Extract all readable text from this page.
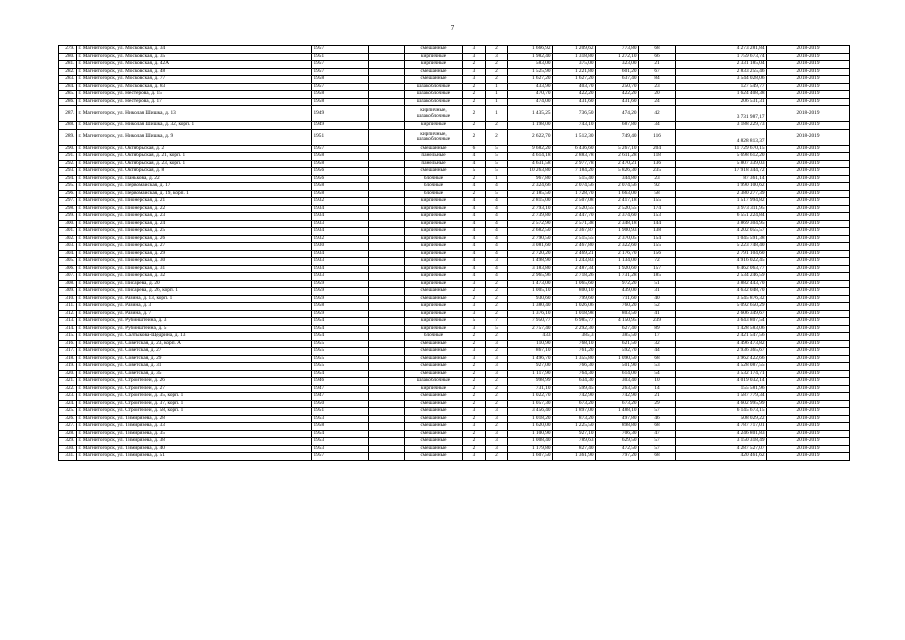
7
279.	г. Магнитогорск, ул. Московская, д. 34	1957		смешанные	3	2	1 666,92	1 209,62	773,80	68	4 273 281,84	2018-2019
280.	г. Магнитогорск, ул. Московская, д. 35	1951		кирпичные	3	3	1 982,40	1 318,80	1 272,10	66	1 759 673,74	2018-2019
281.	г. Магнитогорск, ул. Московская, д. 42А	1957		кирпичные	2	2	583,00	375,00	323,00	21	2 331 185,04	2018-2019
282.	г. Магнитогорск, ул. Московская, д. 48	1957		смешанные	3	2	1 525,90	1 221,80	601,20	67	2 833 255,46	2018-2019
283.	г. Магнитогорск, ул. Московская, д. 77	1958		смешанные	3	2	1 627,20	1 627,20	637,40	84	3 544 028,06	2018-2019
284.	г. Магнитогорск, ул. Московская, д. 83	1957		шлакоблочные	2	1	433,90	403,70	250,70	23	127 549,77	2018-2019
285.	г. Магнитогорск, ул. Нестерова, д. 15	1958		шлакоблочные	2	1	470,70	422,20	422,20	20	1 624 408,38	2018-2019
286.	г. Магнитогорск, ул. Нестерова, д. 17	1958		шлакоблочные	2	1	474,00	431,60	431,60	24	206 531,31	2018-2019
287.	г. Магнитогорск, ул. Николая Шишка, д. 13	1949		кирпичные, шлакоблочные	2	1	1 435,25	736,50	474,20	42	3 731 987,17	2018-2019
288.	г. Магнитогорск, ул. Николая Шишка, д. 32, корп. 1	1949		кирпичные	2	2	1 198,00	743,10	687,80	34	3 188 229,73	2018-2019
289.	г. Магнитогорск, ул. Николая Шишка, д. 9	1951		кирпичные, шлакоблочные	2	2	2 622,70	1 512,30	749,40	116	4 828 813,37	2018-2019
290.	г. Магнитогорск, ул. Октябрьская, д. 2	1957		смешанные	6	5	9 682,20	6 436,60	5 267,10	204	11 729 670,15	2018-2019
291.	г. Магнитогорск, ул. Октябрьская, д. 21, корп. 1	1958		панельные	4	5	4 614,18	2 883,78	2 611,28	118	5 698 612,20	2018-2019
292.	г. Магнитогорск, ул. Октябрьская, д. 23, корп. 1	1958		панельные	4	5	4 631,58	2 977,78	2 470,21	136	5 807 339,03	2018-2019
293.	г. Магнитогорск, ул. Октябрьская, д. 8	1956		смешанные	5	5	10 263,80	7 184,20	5 826,30	235	17 918 344,72	2018-2019
294.	г. Магнитогорск, ул. Панькова, д. 22	1956		блочные	2	1	967,80	515,40	344,80	23	87 361,14	2018-2019
295.	г. Магнитогорск, ул. Первомайская, д. 17	1958		блочные	4	4	2 324,66	2 074,56	2 074,56	92	1 990 100,62	2018-2019
296.	г. Магнитогорск, ул. Первомайская, д. 19, корп. 1	1958		блочные	2	5	2 185,50	1 728,70	1 663,00	58	2 380 277,39	2018-2019
297.	г. Магнитогорск, ул. Пионерская, д. 21	1932		кирпичные	4	4	2 815,00	2 507,08	2 417,18	155	1 517 994,82	2018-2019
298.	г. Магнитогорск, ул. Пионерская, д. 22	1934		кирпичные	4	4	2 793,10	2 520,55	2 520,55	174	3 973 311,95	2018-2019
299.	г. Магнитогорск, ул. Пионерская, д. 23	1934		кирпичные	4	4	2 739,80	2 447,70	2 374,60	153	6 551 224,84	2018-2019
300.	г. Магнитогорск, ул. Пионерская, д. 24	1933		кирпичные	4	4	2 572,90	2 571,38	2 348,18	144	3 869 304,95	2018-2019
301.	г. Магнитогорск, ул. Пионерская, д. 25	1934		кирпичные	4	4	2 682,50	2 367,87	1 900,93	138	4 202 055,57	2018-2019
302.	г. Магнитогорск, ул. Пионерская, д. 26	1932		кирпичные	4	4	2 790,50	2 515,55	2 370,05	154	1 045 591,38	2018-2019
303.	г. Магнитогорск, ул. Пионерская, д. 27	1930		кирпичные	4	4	3 081,60	2 467,80	2 322,60	155	5 223 748,40	2018-2019
304.	г. Магнитогорск, ул. Пионерская, д. 29	1934		кирпичные	4	4	2 720,20	2 469,21	2 176,70	156	2 791 104,60	2018-2019
305.	г. Магнитогорск, ул. Пионерская, д. 30	1933		кирпичные	4	3	1 498,90	1 243,83	1 134,00	72	4 916 022,45	2018-2019
306.	г. Магнитогорск, ул. Пионерская, д. 31	1934		кирпичные	4	4	3 183,80	2 487,34	1 920,60	157	6 462 063,77	2018-2019
307.	г. Магнитогорск, ул. Пионерская, д. 32	1933		кирпичные	4	4	2 965,96	2 718,26	1 731,28	185	2 534 246,59	2018-2019
308.	г. Магнитогорск, ул. Писарева, д. 20	1959		кирпичные	3	2	1 473,00	1 065,60	972,20	51	3 882 443,70	2018-2019
309.	г. Магнитогорск, ул. Писарева, д. 26, корп. 1	1959		смешанные	2	2	1 005,10	800,10	439,00	31	4 632 048,70	2018-2019
310.	г. Магнитогорск, ул. Разина, д. 13, корп. 1	1959		смешанные	2	2	930,60	799,60	711,60	40	3 545 876,32	2018-2019
311.	г. Магнитогорск, ул. Разина, д. 3	1958		кирпичные	3	2	1 380,40	1 026,06	760,20	52	5 092 650,29	2018-2019
312.	г. Магнитогорск, ул. Разина, д. 7	1959		кирпичные	3	2	1 376,10	1 018,98	803,50	41	2 606 349,67	2018-2019
313.	г. Магнитогорск, ул. Рубинштейна, д. 3	1954		кирпичные	5	7	7 950,77	6 985,77	4 150,95	239	3 643 807,54	2018-2019
314.	г. Магнитогорск, ул. Рубинштейна, д. 5	1954		кирпичные	3	5	2 757,40	2 292,30	627,40	89	1 428 583,06	2018-2019
315.	г. Магнитогорск, ул. Салтыкова-Щедрина, д. 13	1954		блочные	2	2	433	385,3	385,50	17	2 421 547,56	2018-2019
316.	г. Магнитогорск, ул. Советская, д. 23, корп. А	1955		смешанные	2	3	110,90	768,10	621,50	32	4 496 473,82	2018-2019
317.	г. Магнитогорск, ул. Советская, д. 27	1955		смешанные	3	2	867,10	761,20	592,70	44	2 936 365,67	2018-2019
318.	г. Магнитогорск, ул. Советская, д. 29	1955		смешанные	3	3	1 496,70	1 355,80	1 090,50	68	3 962 422,66	2018-2019
319.	г. Магнитогорск, ул. Советская, д. 31	1955		смешанные	2	3	927,00	766,30	501,90	53	4 528 087,55	2018-2019
320.	г. Магнитогорск, ул. Советская, д. 35	1954		смешанные	2	3	1 117,90	764,30	614,00	54	3 532 174,71	2018-2019
321.	г. Магнитогорск, ул. Строителей, д. 26	1946		шлакоблочные	2	2	998,99	634,30	303,40	10	4 019 032,14	2018-2019
322.	г. Магнитогорск, ул. Строителей, д. 27	1947		кирпичные	2	2	731,10	599,45	263,50	14	155 581,96	2018-2019
323.	г. Магнитогорск, ул. Строителей, д. 35, корп. 1	1947		смешанные	2	2	1 022,70	742,90	742,90	21	1 587 779,34	2018-2019
324.	г. Магнитогорск, ул. Строителей, д. 37, корп. 1	1950		смешанные	2	2	1 057,30	673,20	673,20	29	4 602 995,99	2018-2019
325.	г. Магнитогорск, ул. Строителей, д. 58, корп. 1	1951		смешанные	3	3	3 456,40	1 897,00	1 488,10	57	6 145 673,15	2018-2019
326.	г. Магнитогорск, ул. Тимирязева, д. 28	1953		смешанные	2	3	1 018,20	873,20	497,80	46	508 029,22	2018-2019
327.	г. Магнитогорск, ул. Тимирязева, д. 33	1958		смешанные	3	2	1 620,00	1 225,50	898,80	68	4 787 717,01	2018-2019
328.	г. Магнитогорск, ул. Тимирязева, д. 35	1954		смешанные	2	3	1 100,90	927,10	706,30	47	4 246 801,83	2018-2019
329.	г. Магнитогорск, ул. Тимирязева, д. 38	1953		смешанные	2	3	1 008,40	789,63	629,50	57	3 150 318,49	2018-2019
330.	г. Магнитогорск, ул. Тимирязева, д. 40	1953		смешанные	2	3	1 179,80	827,40	472,50	57	4 287 527,07	2018-2019
331.	г. Магнитогорск, ул. Тимирязева, д. 51	1957		смешанные	3	2	1 607,50	1 361,90	797,20	68	420 461,62	2018-2019
